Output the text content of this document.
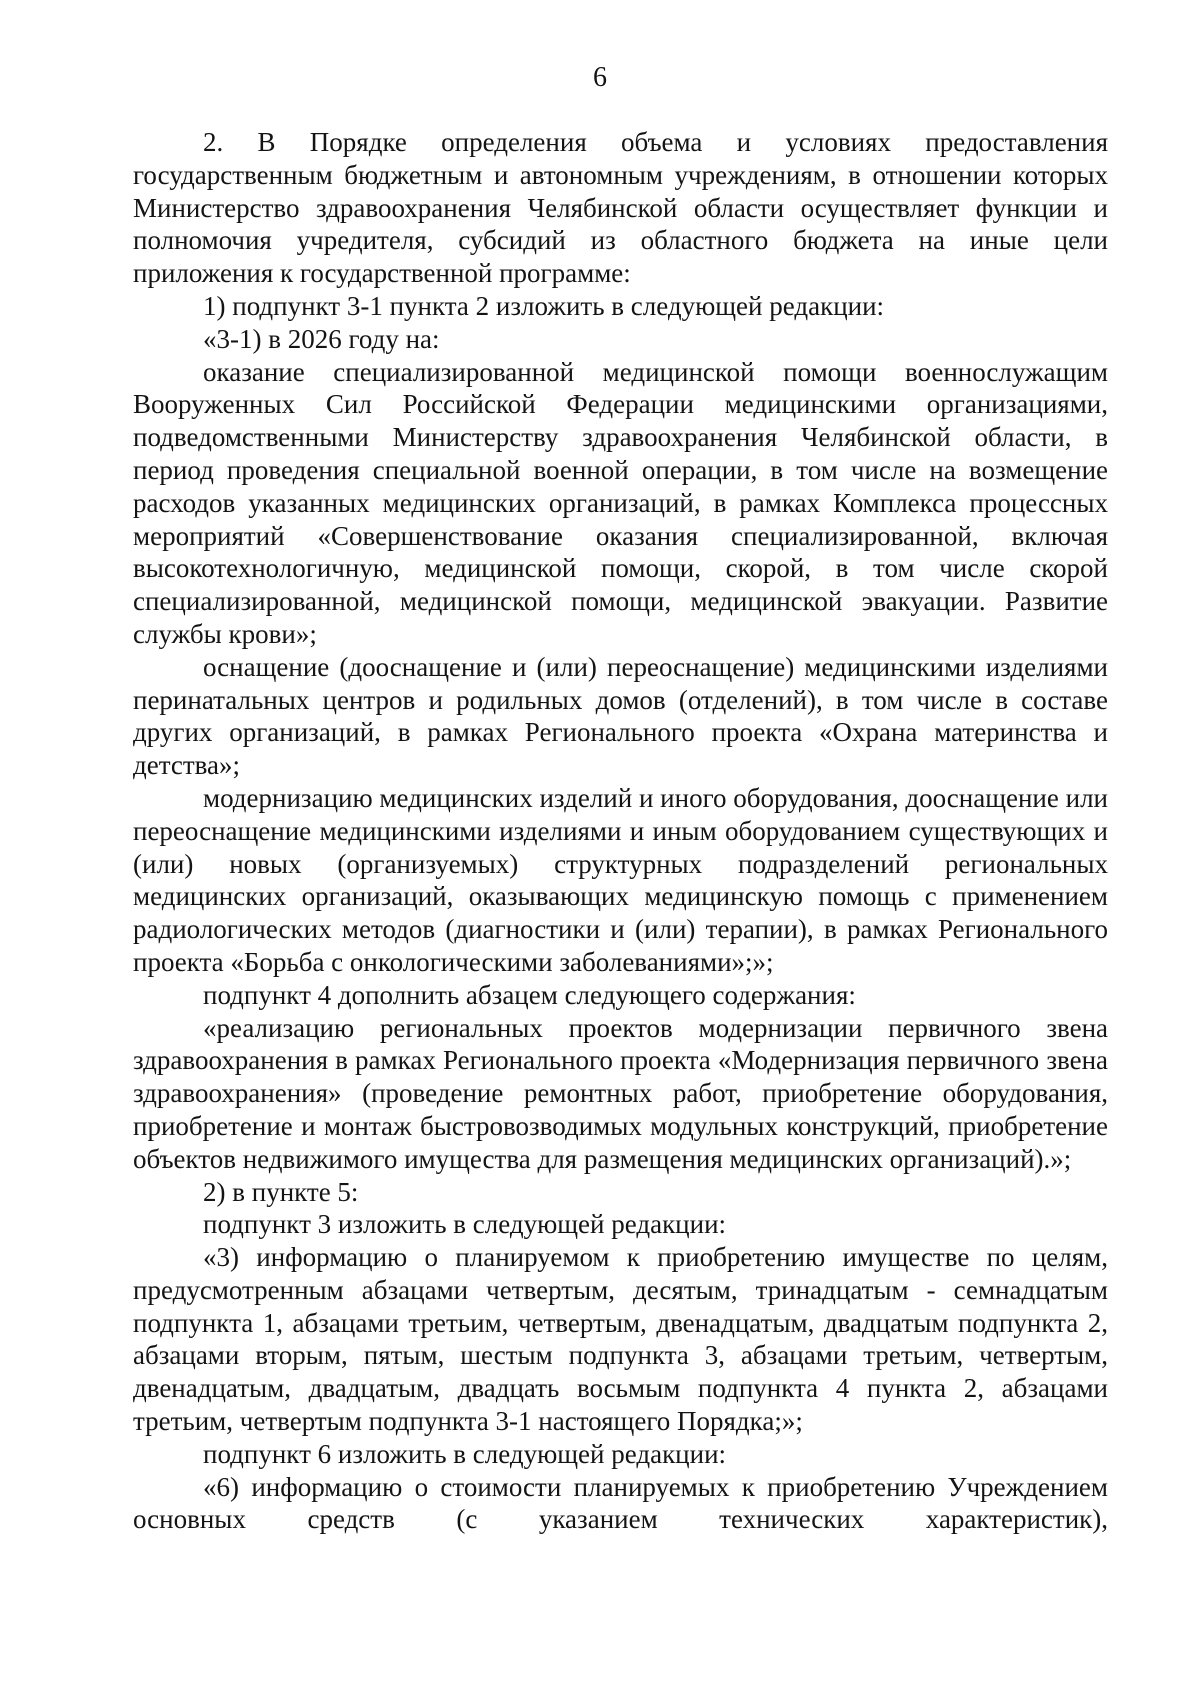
6

2. В Порядке определения объема и условиях предоставления государственным бюджетным и автономным учреждениям, в отношении которых Министерство здравоохранения Челябинской области осуществляет функции и полномочия учредителя, субсидий из областного бюджета на иные цели приложения к государственной программе:

1) подпункт 3-1 пункта 2 изложить в следующей редакции:

«3-1) в 2026 году на:

оказание специализированной медицинской помощи военнослужащим Вооруженных Сил Российской Федерации медицинскими организациями, подведомственными Министерству здравоохранения Челябинской области, в период проведения специальной военной операции, в том числе на возмещение расходов указанных медицинских организаций, в рамках Комплекса процессных мероприятий «Совершенствование оказания специализированной, включая высокотехнологичную, медицинской помощи, скорой, в том числе скорой специализированной, медицинской помощи, медицинской эвакуации. Развитие службы крови»;

оснащение (дооснащение и (или) переоснащение) медицинскими изделиями перинатальных центров и родильных домов (отделений), в том числе в составе других организаций, в рамках Регионального проекта «Охрана материнства и детства»;

модернизацию медицинских изделий и иного оборудования, дооснащение или переоснащение медицинскими изделиями и иным оборудованием существующих и (или) новых (организуемых) структурных подразделений региональных медицинских организаций, оказывающих медицинскую помощь с применением радиологических методов (диагностики и (или) терапии), в рамках Регионального проекта «Борьба с онкологическими заболеваниями»;»;

подпункт 4 дополнить абзацем следующего содержания:

«реализацию региональных проектов модернизации первичного звена здравоохранения в рамках Регионального проекта «Модернизация первичного звена здравоохранения» (проведение ремонтных работ, приобретение оборудования, приобретение и монтаж быстровозводимых модульных конструкций, приобретение объектов недвижимого имущества для размещения медицинских организаций).»;

2) в пункте 5:

подпункт 3 изложить в следующей редакции:

«3) информацию о планируемом к приобретению имуществе по целям, предусмотренным абзацами четвертым, десятым, тринадцатым - семнадцатым подпункта 1, абзацами третьим, четвертым, двенадцатым, двадцатым подпункта 2, абзацами вторым, пятым, шестым подпункта 3, абзацами третьим, четвертым, двенадцатым, двадцатым, двадцать восьмым подпункта 4 пункта 2, абзацами третьим, четвертым подпункта 3-1 настоящего Порядка;»;

подпункт 6 изложить в следующей редакции:

«6) информацию о стоимости планируемых к приобретению Учреждением основных средств (с указанием технических характеристик),
